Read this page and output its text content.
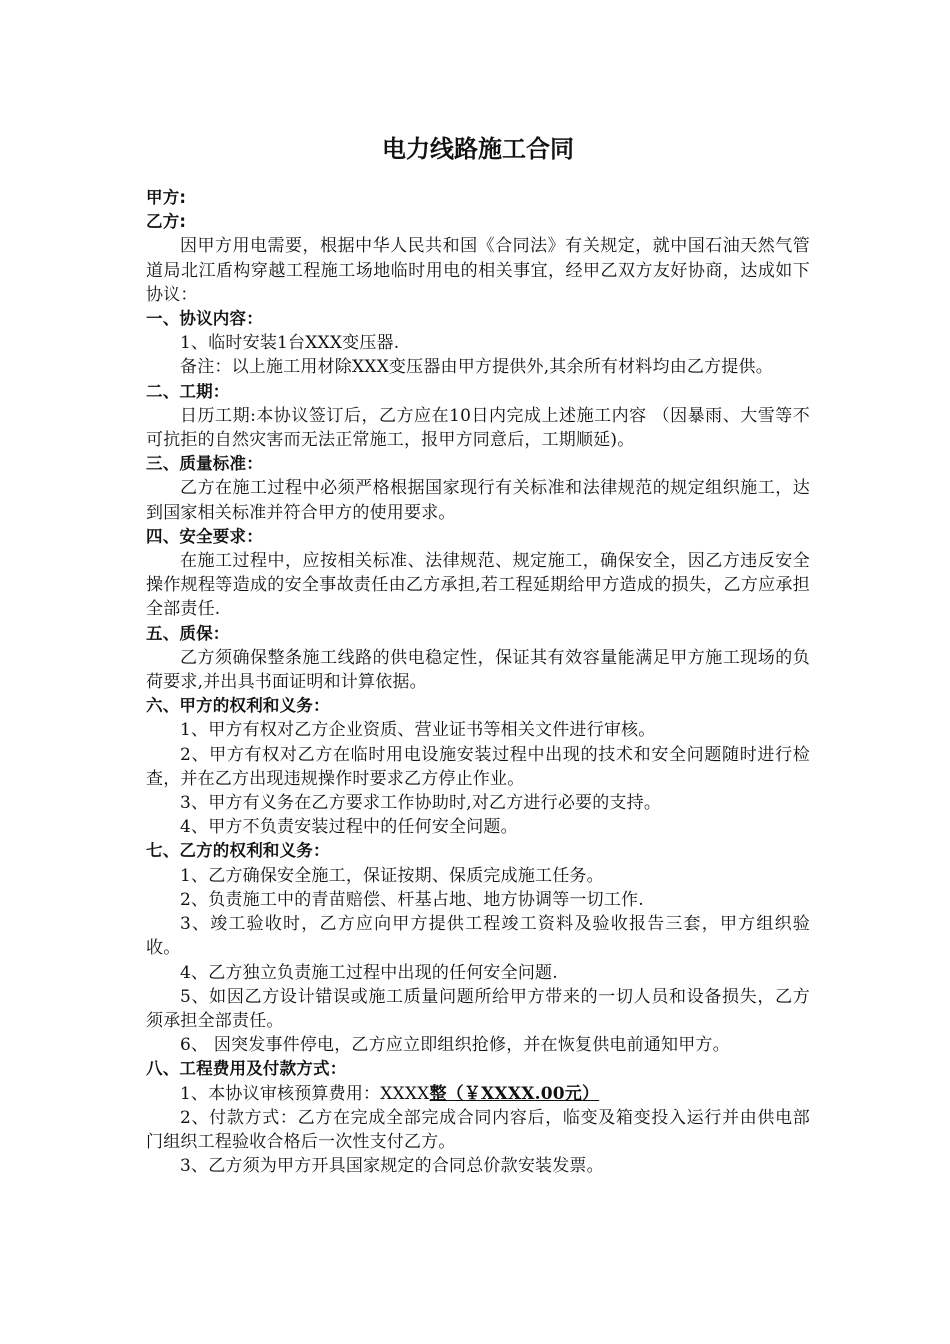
电力线路施工合同

甲方:

乙方:

因甲方用电需要，根据中华人民共和国《合同法》有关规定，就中国石油天然气管道局北江盾构穿越工程施工场地临时用电的相关事宜，经甲乙双方友好协商，达成如下协议：

一、协议内容：

1、临时安装1台XXX变压器.

备注：以上施工用材除XXX变压器由甲方提供外,其余所有材料均由乙方提供。

二、工期：

日历工期:本协议签订后，乙方应在10日内完成上述施工内容 （因暴雨、大雪等不可抗拒的自然灾害而无法正常施工，报甲方同意后，工期顺延)。

三、质量标准：

乙方在施工过程中必须严格根据国家现行有关标准和法律规范的规定组织施工，达到国家相关标准并符合甲方的使用要求。

四、安全要求：

在施工过程中，应按相关标准、法律规范、规定施工，确保安全，因乙方违反安全操作规程等造成的安全事故责任由乙方承担,若工程延期给甲方造成的损失，乙方应承担全部责任.

五、质保：

乙方须确保整条施工线路的供电稳定性，保证其有效容量能满足甲方施工现场的负荷要求,并出具书面证明和计算依据。

六、甲方的权利和义务：

1、甲方有权对乙方企业资质、营业证书等相关文件进行审核。

2、甲方有权对乙方在临时用电设施安装过程中出现的技术和安全问题随时进行检查，并在乙方出现违规操作时要求乙方停止作业。

3、甲方有义务在乙方要求工作协助时,对乙方进行必要的支持。

4、甲方不负责安装过程中的任何安全问题。

七、乙方的权利和义务：

1、乙方确保安全施工，保证按期、保质完成施工任务。

2、负责施工中的青苗赔偿、杆基占地、地方协调等一切工作.

3、竣工验收时，乙方应向甲方提供工程竣工资料及验收报告三套，甲方组织验收。

4、乙方独立负责施工过程中出现的任何安全问题.

5、如因乙方设计错误或施工质量问题所给甲方带来的一切人员和设备损失，乙方须承担全部责任。

6、 因突发事件停电，乙方应立即组织抢修，并在恢复供电前通知甲方。

八、工程费用及付款方式：

1、本协议审核预算费用：XXXX整（￥XXXX.00元）

2、付款方式：乙方在完成全部完成合同内容后，临变及箱变投入运行并由供电部门组织工程验收合格后一次性支付乙方。

3、乙方须为甲方开具国家规定的合同总价款安装发票。
